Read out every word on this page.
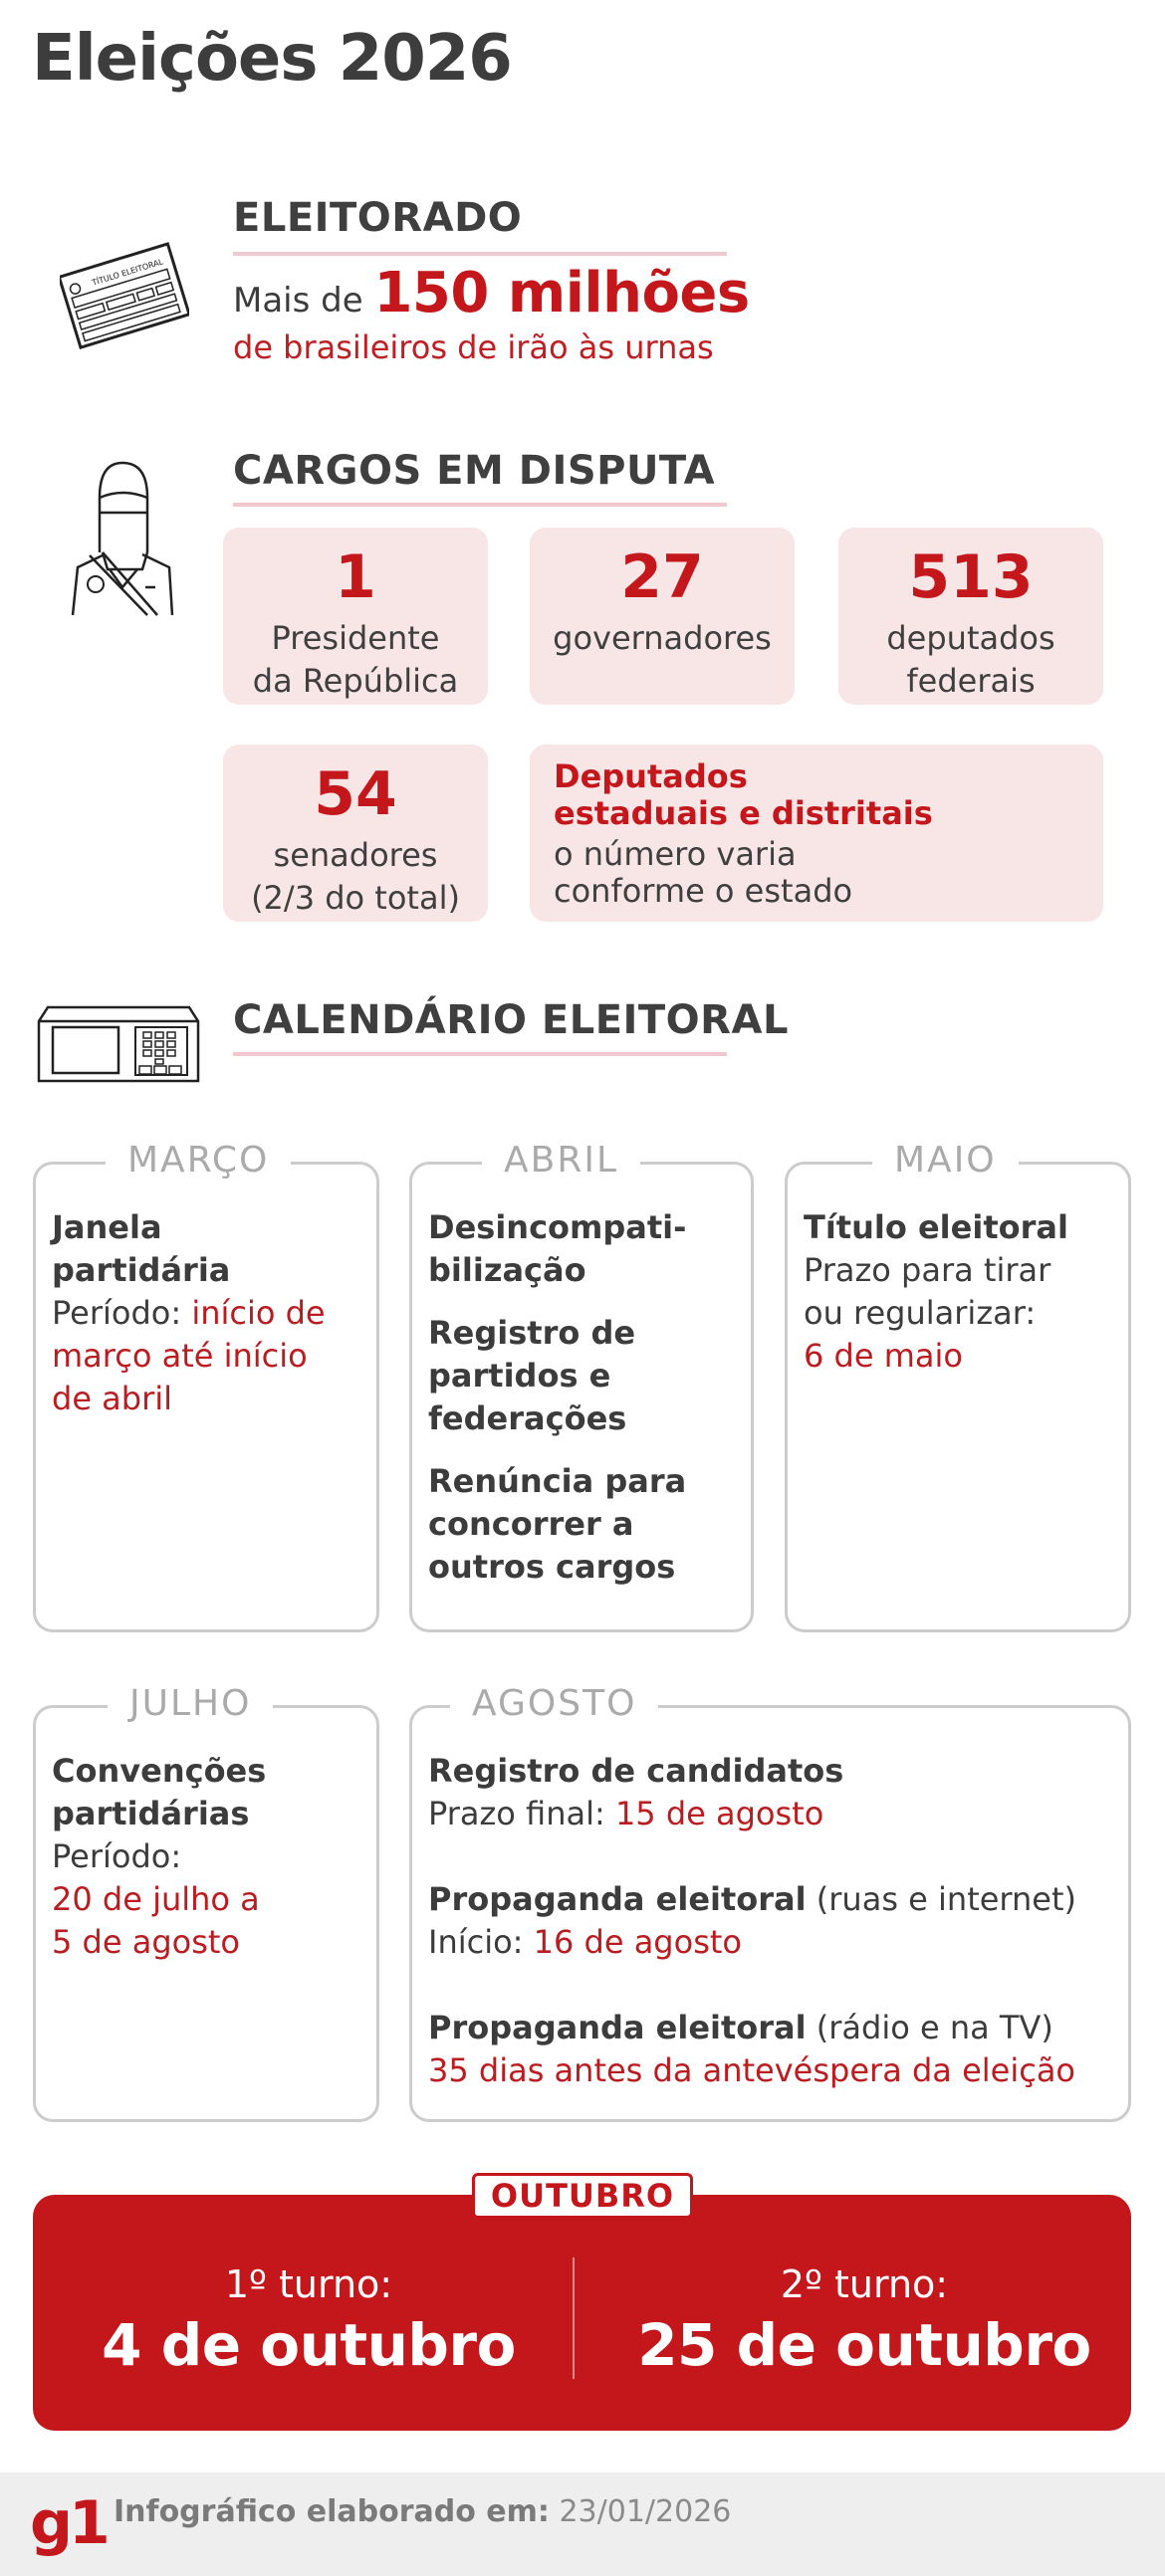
Eleições 2026
TÍTULO ELEITORAL
ELEITORADO
Mais de 150 milhões
de brasileiros de irão às urnas
CARGOS EM DISPUTA
1
Presidente
da República
27
governadores
513
deputados
federais
54
senadores
(2/3 do total)
Deputados
estaduais e distritais
o número varia
conforme o estado
CALENDÁRIO ELEITORAL
MARÇO
Janela
partidária
Período: início de
março até início
de abril
ABRIL
Desincompati-
bilização
Registro de
partidos e
federações
Renúncia para
concorrer a
outros cargos
MAIO
Título eleitoral
Prazo para tirar
ou regularizar:
6 de maio
JULHO
Convenções
partidárias
Período:
20 de julho a
5 de agosto
AGOSTO
Registro de candidatos
Prazo final: 15 de agosto
Propaganda eleitoral (ruas e internet)
Início: 16 de agosto
Propaganda eleitoral (rádio e na TV)
35 dias antes da antevéspera da eleição
OUTUBRO
1º turno:
4 de outubro
2º turno:
25 de outubro
g1 Infográfico elaborado em: 23/01/2026
